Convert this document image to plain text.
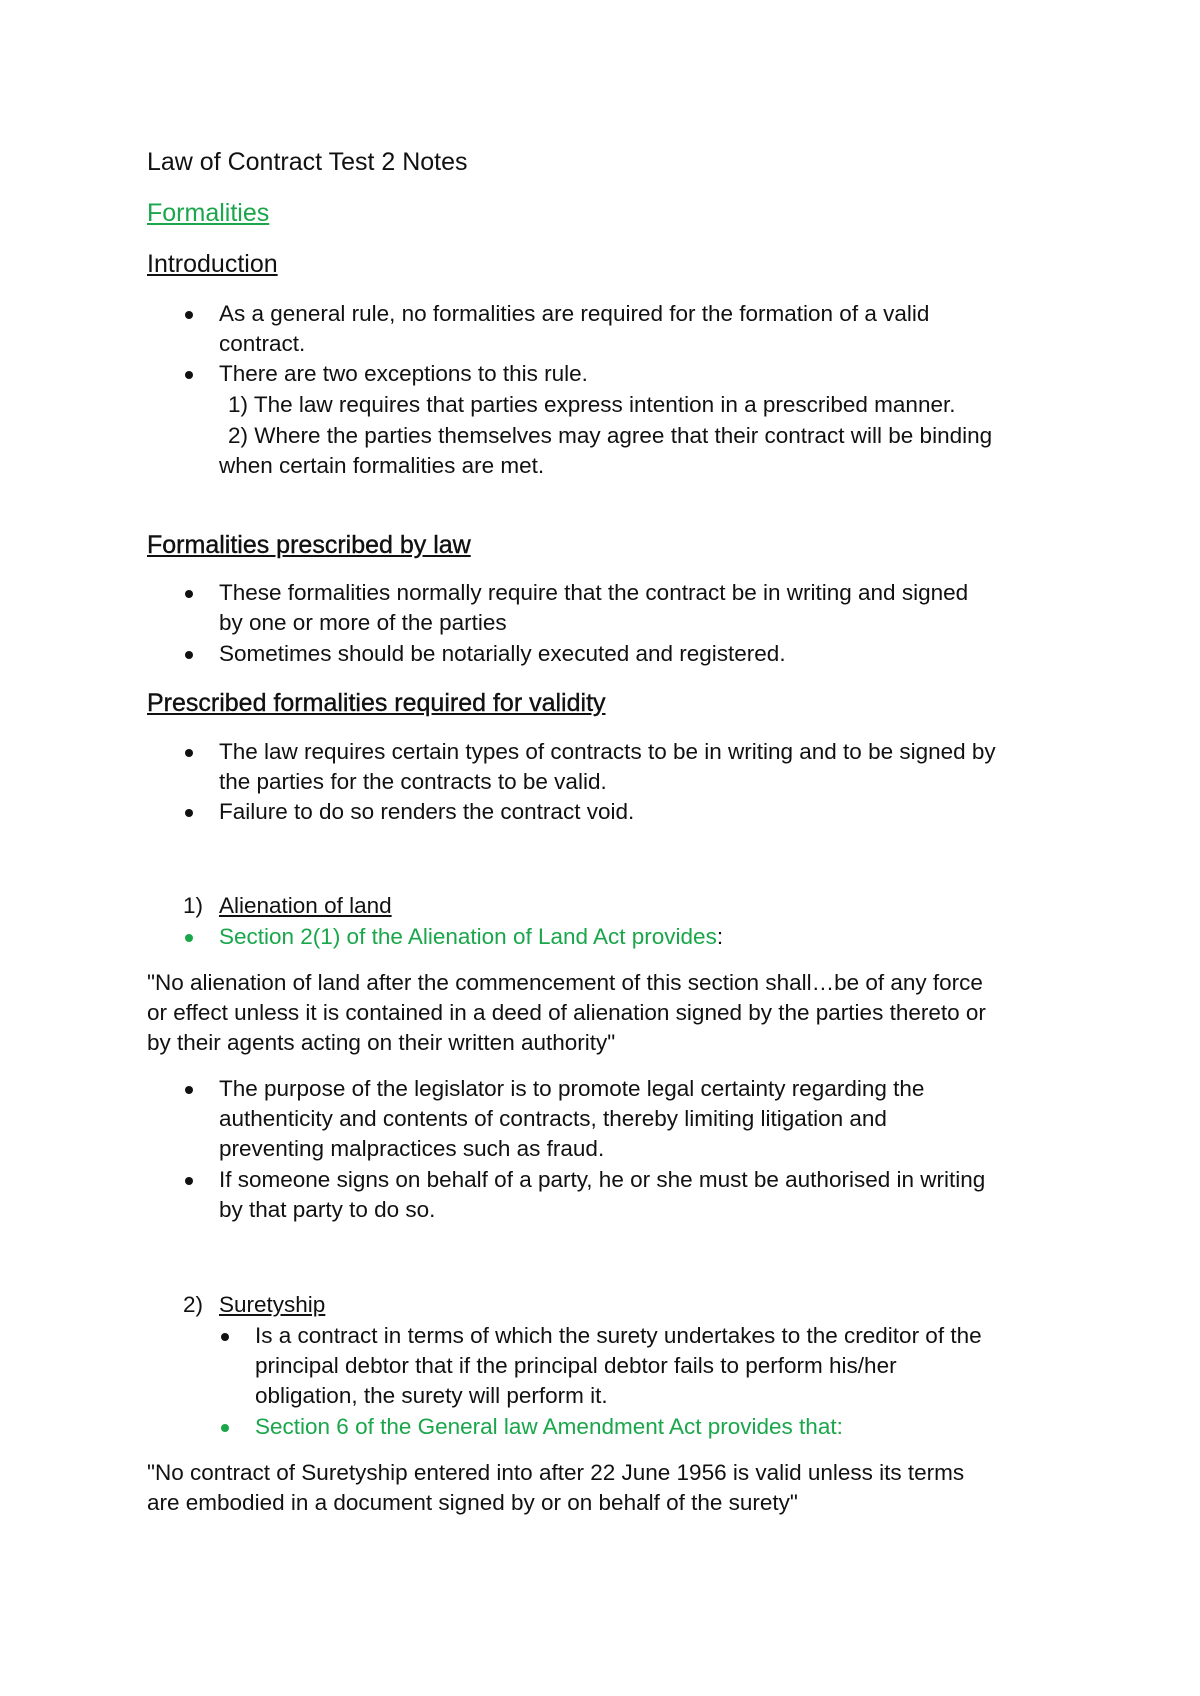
Law of Contract Test 2 Notes
Formalities
Introduction
As a general rule, no formalities are required for the formation of a valid
contract.
There are two exceptions to this rule.
1) The law requires that parties express intention in a prescribed manner.
2) Where the parties themselves may agree that their contract will be binding
when certain formalities are met.
Formalities prescribed by law
These formalities normally require that the contract be in writing and signed
by one or more of the parties
Sometimes should be notarially executed and registered.
Prescribed formalities required for validity
The law requires certain types of contracts to be in writing and to be signed by
the parties for the contracts to be valid.
Failure to do so renders the contract void.
1) Alienation of land
Section 2(1) of the Alienation of Land Act provides:
"No alienation of land after the commencement of this section shall…be of any force
or effect unless it is contained in a deed of alienation signed by the parties thereto or
by their agents acting on their written authority"
The purpose of the legislator is to promote legal certainty regarding the
authenticity and contents of contracts, thereby limiting litigation and
preventing malpractices such as fraud.
If someone signs on behalf of a party, he or she must be authorised in writing
by that party to do so.
2) Suretyship
Is a contract in terms of which the surety undertakes to the creditor of the
principal debtor that if the principal debtor fails to perform his/her
obligation, the surety will perform it.
Section 6 of the General law Amendment Act provides that:
"No contract of Suretyship entered into after 22 June 1956 is valid unless its terms
are embodied in a document signed by or on behalf of the surety"
